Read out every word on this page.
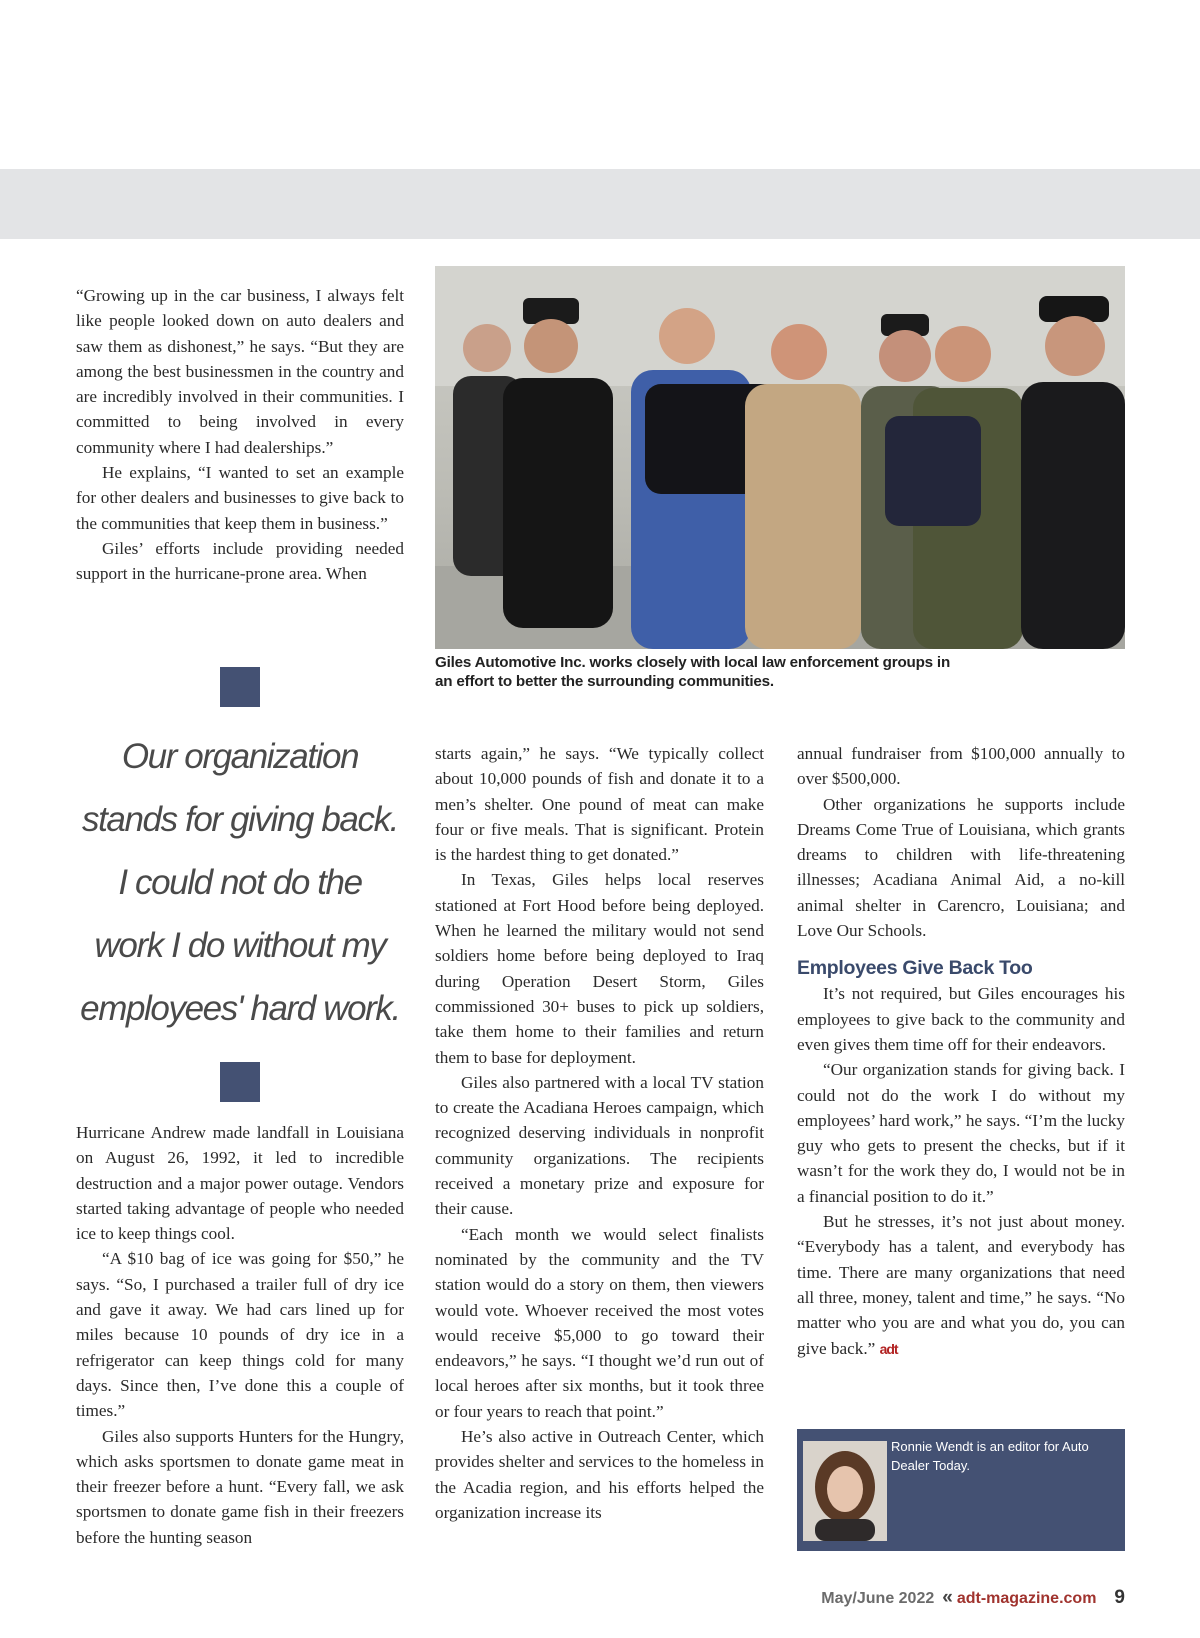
“Growing up in the car business, I always felt like people looked down on auto dealers and saw them as dishonest,” he says. “But they are among the best businessmen in the country and are incredibly involved in their communities. I committed to being involved in every community where I had dealerships.”

He explains, “I wanted to set an example for other dealers and businesses to give back to the communities that keep them in business.”

Giles’ efforts include providing needed support in the hurricane-prone area. When

Giles Automotive Inc. works closely with local law enforcement groups in an effort to better the surrounding communities.
Our organization
stands for giving back.
I could not do the
work I do without my
employees' hard work.

Hurricane Andrew made landfall in Louisiana on August 26, 1992, it led to incredible destruction and a major power outage. Vendors started taking advantage of people who needed ice to keep things cool.

“A $10 bag of ice was going for $50,” he says. “So, I purchased a trailer full of dry ice and gave it away. We had cars lined up for miles because 10 pounds of dry ice in a refrigerator can keep things cold for many days. Since then, I’ve done this a couple of times.”

Giles also supports Hunters for the Hungry, which asks sportsmen to donate game meat in their freezer before a hunt. “Every fall, we ask sportsmen to donate game fish in their freezers before the hunting season

starts again,” he says. “We typically collect about 10,000 pounds of fish and donate it to a men’s shelter. One pound of meat can make four or five meals. That is significant. Protein is the hardest thing to get donated.”

In Texas, Giles helps local reserves stationed at Fort Hood before being deployed. When he learned the military would not send soldiers home before being deployed to Iraq during Operation Desert Storm, Giles commissioned 30+ buses to pick up soldiers, take them home to their families and return them to base for deployment.

Giles also partnered with a local TV station to create the Acadiana Heroes campaign, which recognized deserving individuals in nonprofit community organizations. The recipients received a monetary prize and exposure for their cause.

“Each month we would select finalists nominated by the community and the TV station would do a story on them, then viewers would vote. Whoever received the most votes would receive $5,000 to go toward their endeavors,” he says. “I thought we’d run out of local heroes after six months, but it took three or four years to reach that point.”

He’s also active in Outreach Center, which provides shelter and services to the homeless in the Acadia region, and his efforts helped the organization increase its

annual fundraiser from $100,000 annually to over $500,000.

Other organizations he supports include Dreams Come True of Louisiana, which grants dreams to children with life-threatening illnesses; Acadiana Animal Aid, a no-kill animal shelter in Carencro, Louisiana; and Love Our Schools.

Employees Give Back Too

It’s not required, but Giles encourages his employees to give back to the community and even gives them time off for their endeavors.

“Our organization stands for giving back. I could not do the work I do without my employees’ hard work,” he says. “I’m the lucky guy who gets to present the checks, but if it wasn’t for the work they do, I would not be in a financial position to do it.”

But he stresses, it’s not just about money. “Everybody has a talent, and everybody has time. There are many organizations that need all three, money, talent and time,” he says. “No matter who you are and what you do, you can give back.” adt

Ronnie Wendt is an editor for Auto Dealer Today.
May/June 2022 « adt-magazine.com 9
